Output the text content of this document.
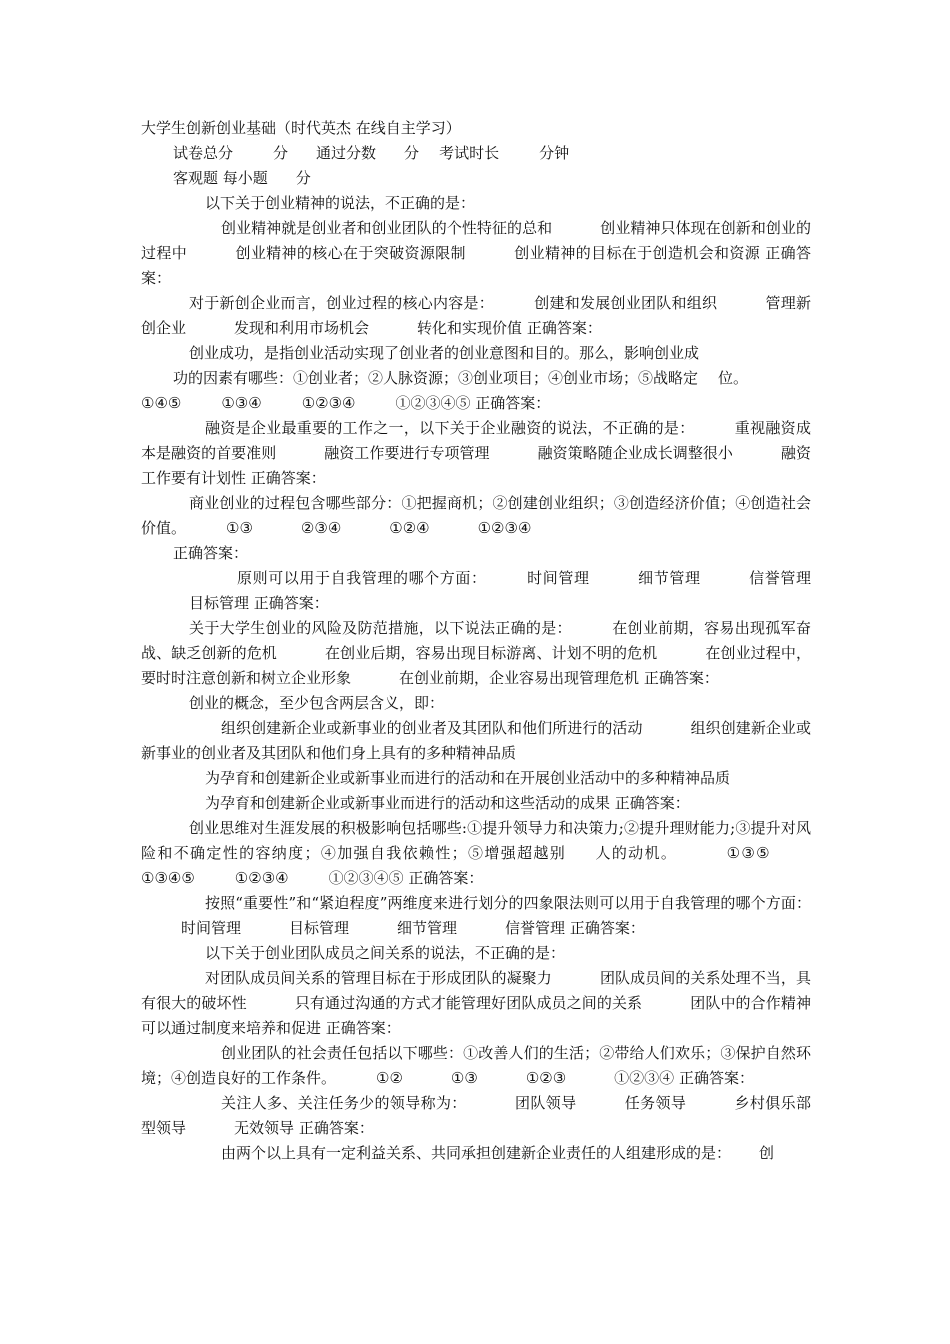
大学生创新创业基础（时代英杰 在线自主学习）

试卷总分	分 通过分数 分 考试时长	分钟

客观题 每小题 分

以下关于创业精神的说法，不正确的是：

创业精神就是创业者和创业团队的个性特征的总和	创业精神只体现在创新和创业的过程中	创业精神的核心在于突破资源限制	创业精神的目标在于创造机会和资源 正确答案：

对于新创企业而言，创业过程的核心内容是：	创建和发展创业团队和组织	管理新创企业	发现和利用市场机会	转化和实现价值 正确答案：

创业成功，是指创业活动实现了创业者的创业意图和目的。那么，影响创业成

功的因素有哪些：①创业者；②人脉资源；③创业项目；④创业市场；⑤战略定 位。

①④⑤	①③④	①②③④	①②③④⑤ 正确答案：

融资是企业最重要的工作之一，以下关于企业融资的说法，不正确的是：	重视融资成本是融资的首要准则	融资工作要进行专项管理	融资策略随企业成长调整很小	融资工作要有计划性 正确答案：

商业创业的过程包含哪些部分：①把握商机；②创建创业组织；③创造经济价值；④创造社会价值。	①③	②③④	①②④	①②③④

正确答案：

原则可以用于自我管理的哪个方面：	时间管理	细节管理	信誉管理目标管理 正确答案：

关于大学生创业的风险及防范措施，以下说法正确的是：	在创业前期，容易出现孤军奋战、缺乏创新的危机	在创业后期，容易出现目标游离、计划不明的危机	在创业过程中，要时时注意创新和树立企业形象	在创业前期，企业容易出现管理危机 正确答案：

创业的概念，至少包含两层含义，即：

组织创建新企业或新事业的创业者及其团队和他们所进行的活动	组织创建新企业或新事业的创业者及其团队和他们身上具有的多种精神品质

为孕育和创建新企业或新事业而进行的活动和在开展创业活动中的多种精神品质

为孕育和创建新企业或新事业而进行的活动和这些活动的成果 正确答案：

创业思维对生涯发展的积极影响包括哪些:①提升领导力和决策力;②提升理财能力;③提升对风险和不确定性的容纳度；④加强自我依赖性；⑤增强超越别 人的动机。	①③⑤①③④⑤	①②③④	①②③④⑤ 正确答案：

按照“重要性”和“紧迫程度”两维度来进行划分的四象限法则可以用于自我管理的哪个方面：时间管理	目标管理	细节管理	信誉管理 正确答案：

以下关于创业团队成员之间关系的说法，不正确的是：

对团队成员间关系的管理目标在于形成团队的凝聚力	团队成员间的关系处理不当，具有很大的破坏性	只有通过沟通的方式才能管理好团队成员之间的关系	团队中的合作精神可以通过制度来培养和促进 正确答案：

创业团队的社会责任包括以下哪些：①改善人们的生活；②带给人们欢乐；③保护自然环境；④创造良好的工作条件。	①②	①③	①②③	①②③④ 正确答案：

关注人多、关注任务少的领导称为：	团队领导	任务领导	乡村俱乐部型领导	无效领导 正确答案：

由两个以上具有一定利益关系、共同承担创建新企业责任的人组建形成的是： 创
